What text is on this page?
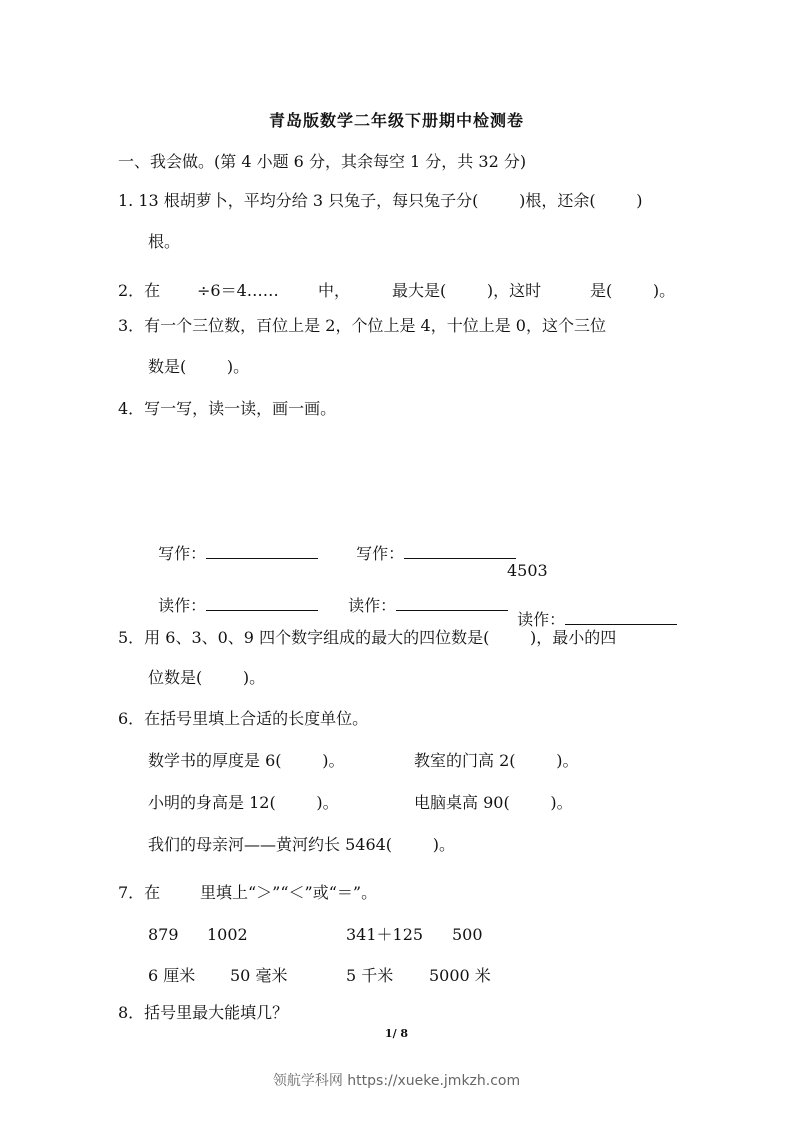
青岛版数学二年级下册期中检测卷
一、我会做。(第 4 小题 6 分，其余每空 1 分，共 32 分)
1. 13 根胡萝卜，平均分给 3 只兔子，每只兔子分(        )根，还余(        )
根。
2．在 ÷6＝4…… 中，	最大是(        )，这时	是(        )。
3．有一个三位数，百位上是 2，个位上是 4，十位上是 0，这个三位
数是(        )。
4．写一写，读一读，画一画。

写作：	写作：

读作：	读作：

4503

读作：

5．用 6、3、0、9 四个数字组成的最大的四位数是(        )，最小的四
位数是(        )。
6．在括号里填上合适的长度单位。
数学书的厚度是 6(        )。	教室的门高 2(        )。
小明的身高是 12(        )。	电脑桌高 90(        )。
我们的母亲河——黄河约长 5464(        )。
7．在 里填上“＞”“＜”或“＝”。
879 1002	341＋125 500
6 厘米 50 毫米	5 千米 5000 米
8．括号里最大能填几？
1/ 8
领航学科网 https://xueke.jmkzh.com
